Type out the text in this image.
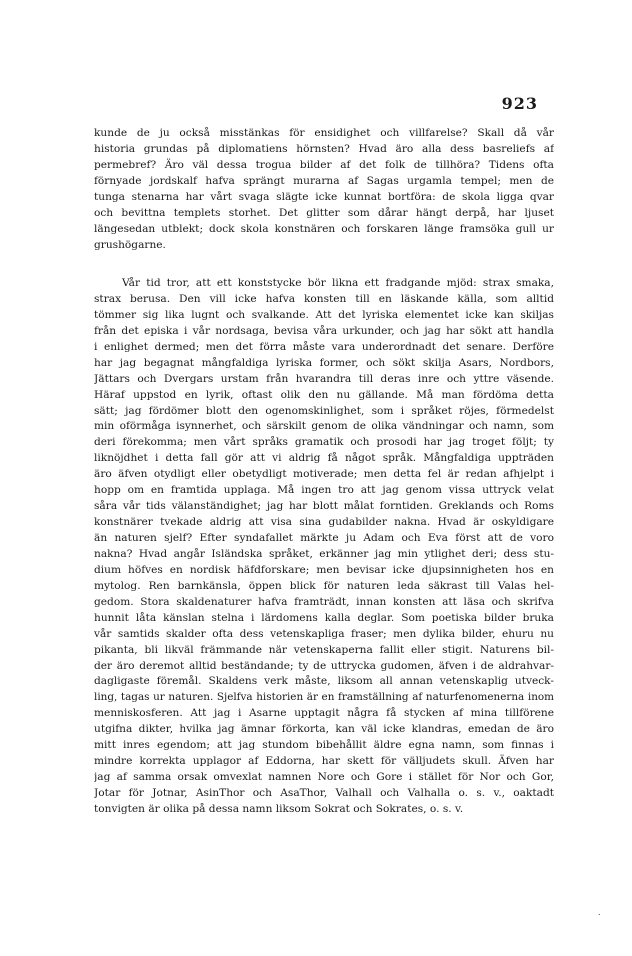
923

kunde de ju också misstänkas för ensidighet och villfarelse? Skall då vår

historia grundas på diplomatiens hörnsten? Hvad äro alla dess basreliefs af

permebref? Äro väl dessa trogua bilder af det folk de tillhöra? Tidens ofta

förnyade jordskalf hafva sprängt murarna af Sagas urgamla tempel; men de

tunga stenarna har vårt svaga slägte icke kunnat bortföra: de skola ligga qvar

och bevittna templets storhet. Det glitter som dårar hängt derpå, har ljuset

längesedan utblekt; dock skola konstnären och forskaren länge framsöka gull ur

grushögarne.

Vår tid tror, att ett konststycke bör likna ett fradgande mjöd: strax smaka,

strax berusa. Den vill icke hafva konsten till en läskande källa, som alltid

tömmer sig lika lugnt och svalkande. Att det lyriska elementet icke kan skiljas

från det episka i vår nordsaga, bevisa våra urkunder, och jag har sökt att handla

i enlighet dermed; men det förra måste vara underordnadt det senare. Derföre

har jag begagnat mångfaldiga lyriska former, och sökt skilja Asars, Nordbors,

Jättars och Dvergars urstam från hvarandra till deras inre och yttre väsende.

Häraf uppstod en lyrik, oftast olik den nu gällande. Må man fördöma detta

sätt; jag fördömer blott den ogenomskinlighet, som i språket röjes, förmedelst

min oförmåga isynnerhet, och särskilt genom de olika vändningar och namn, som

deri förekomma; men vårt språks gramatik och prosodi har jag troget följt; ty

liknöjdhet i detta fall gör att vi aldrig få något språk. Mångfaldiga uppträden

äro äfven otydligt eller obetydligt motiverade; men detta fel är redan afhjelpt i

hopp om en framtida upplaga. Må ingen tro att jag genom vissa uttryck velat

såra vår tids välanständighet; jag har blott målat forntiden. Greklands och Roms

konstnärer tvekade aldrig att visa sina gudabilder nakna. Hvad är oskyldigare

än naturen sjelf? Efter syndafallet märkte ju Adam och Eva först att de voro

nakna? Hvad angår Isländska språket, erkänner jag min ytlighet deri; dess stu-

dium höfves en nordisk häfdforskare; men bevisar icke djupsinnigheten hos en

mytolog. Ren barnkänsla, öppen blick för naturen leda säkrast till Valas hel-

gedom. Stora skaldenaturer hafva framträdt, innan konsten att läsa och skrifva

hunnit låta känslan stelna i lärdomens kalla deglar. Som poetiska bilder bruka

vår samtids skalder ofta dess vetenskapliga fraser; men dylika bilder, ehuru nu

pikanta, bli likväl främmande när vetenskaperna fallit eller stigit. Naturens bil-

der äro deremot alltid beständande; ty de uttrycka gudomen, äfven i de aldrahvar-

dagligaste föremål. Skaldens verk måste, liksom all annan vetenskaplig utveck-

ling, tagas ur naturen. Sjelfva historien är en framställning af naturfenomenerna inom

menniskosferen. Att jag i Asarne upptagit några få stycken af mina tillförene

utgifna dikter, hvilka jag ämnar förkorta, kan väl icke klandras, emedan de äro

mitt inres egendom; att jag stundom bibehållit äldre egna namn, som finnas i

mindre korrekta upplagor af Eddorna, har skett för välljudets skull. Äfven har

jag af samma orsak omvexlat namnen Nore och Gore i stället för Nor och Gor,

Jotar för Jotnar, AsinThor och AsaThor, Valhall och Valhalla o. s. v., oaktadt

tonvigten är olika på dessa namn liksom Sokrat och Sokrates, o. s. v.

.
